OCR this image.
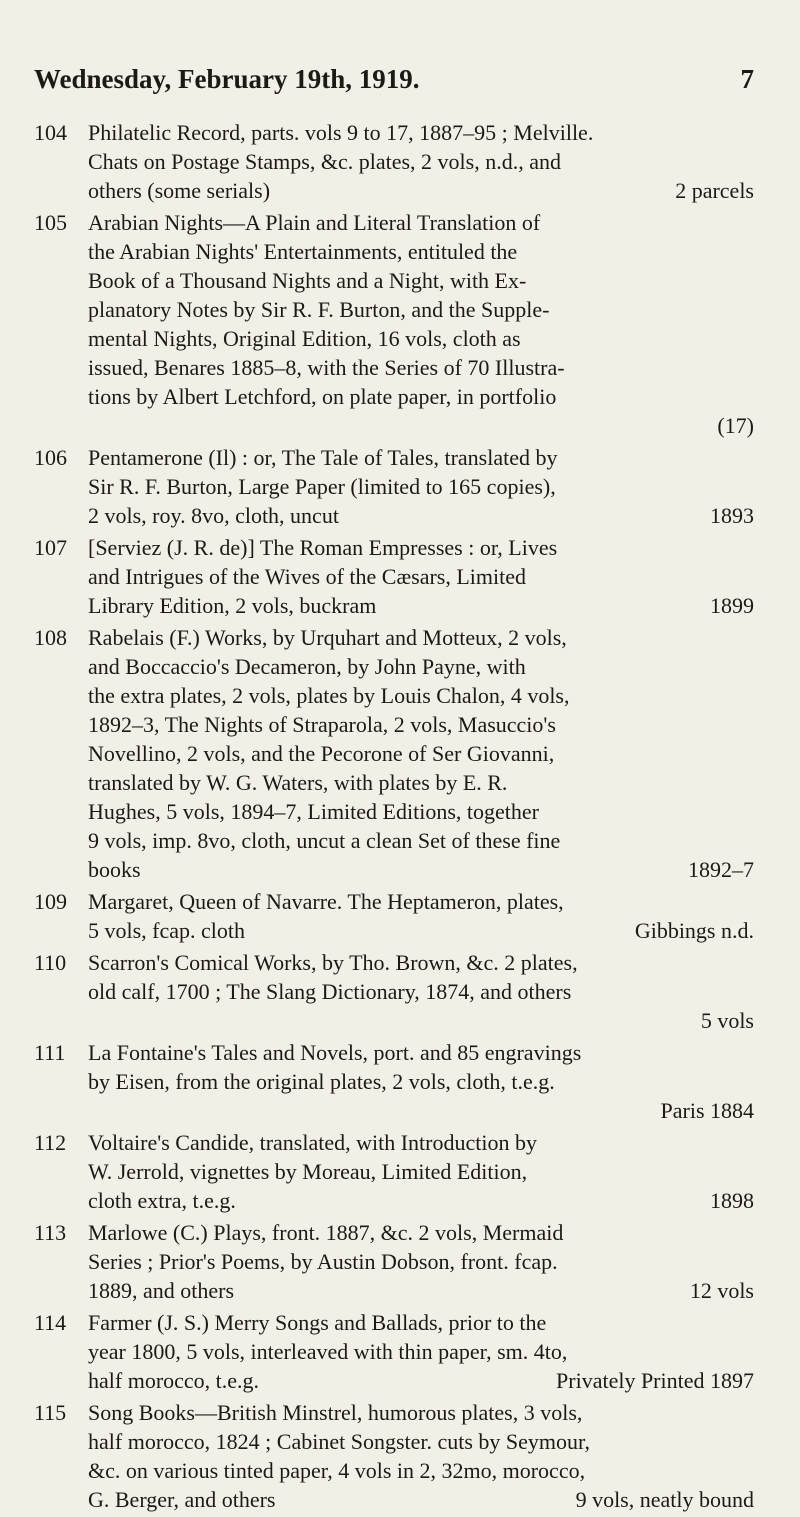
Wednesday, February 19th, 1919.	7
104 Philatelic Record, parts. vols 9 to 17, 1887–95 ; Melville.
Chats on Postage Stamps, &c. plates, 2 vols, n.d., and
others (some serials)	2 parcels
105 Arabian Nights—A Plain and Literal Translation of
the Arabian Nights' Entertainments, entituled the
Book of a Thousand Nights and a Night, with Ex-
planatory Notes by Sir R. F. Burton, and the Supple-
mental Nights, Original Edition, 16 vols, cloth as
issued, Benares 1885–8, with the Series of 70 Illustra-
tions by Albert Letchford, on plate paper, in portfolio
(17)
106 Pentamerone (Il) : or, The Tale of Tales, translated by
Sir R. F. Burton, Large Paper (limited to 165 copies),
2 vols, roy. 8vo, cloth, uncut	1893
107 [Serviez (J. R. de)] The Roman Empresses : or, Lives
and Intrigues of the Wives of the Cæsars, Limited
Library Edition, 2 vols, buckram	1899
108 Rabelais (F.) Works, by Urquhart and Motteux, 2 vols,
and Boccaccio's Decameron, by John Payne, with
the extra plates, 2 vols, plates by Louis Chalon, 4 vols,
1892–3, The Nights of Straparola, 2 vols, Masuccio's
Novellino, 2 vols, and the Pecorone of Ser Giovanni,
translated by W. G. Waters, with plates by E. R.
Hughes, 5 vols, 1894–7, Limited Editions, together
9 vols, imp. 8vo, cloth, uncut a clean Set of these fine
books	1892–7
109 Margaret, Queen of Navarre. The Heptameron, plates,
5 vols, fcap. cloth	Gibbings n.d.
110 Scarron's Comical Works, by Tho. Brown, &c. 2 plates,
old calf, 1700 ; The Slang Dictionary, 1874, and others
5 vols
111 La Fontaine's Tales and Novels, port. and 85 engravings
by Eisen, from the original plates, 2 vols, cloth, t.e.g.
Paris 1884
112 Voltaire's Candide, translated, with Introduction by
W. Jerrold, vignettes by Moreau, Limited Edition,
cloth extra, t.e.g.	1898
113 Marlowe (C.) Plays, front. 1887, &c. 2 vols, Mermaid
Series ; Prior's Poems, by Austin Dobson, front. fcap.
1889, and others	12 vols
114 Farmer (J. S.) Merry Songs and Ballads, prior to the
year 1800, 5 vols, interleaved with thin paper, sm. 4to,
half morocco, t.e.g.	Privately Printed 1897
115 Song Books—British Minstrel, humorous plates, 3 vols,
half morocco, 1824 ; Cabinet Songster. cuts by Seymour,
&c. on various tinted paper, 4 vols in 2, 32mo, morocco,
G. Berger, and others	9 vols, neatly bound
